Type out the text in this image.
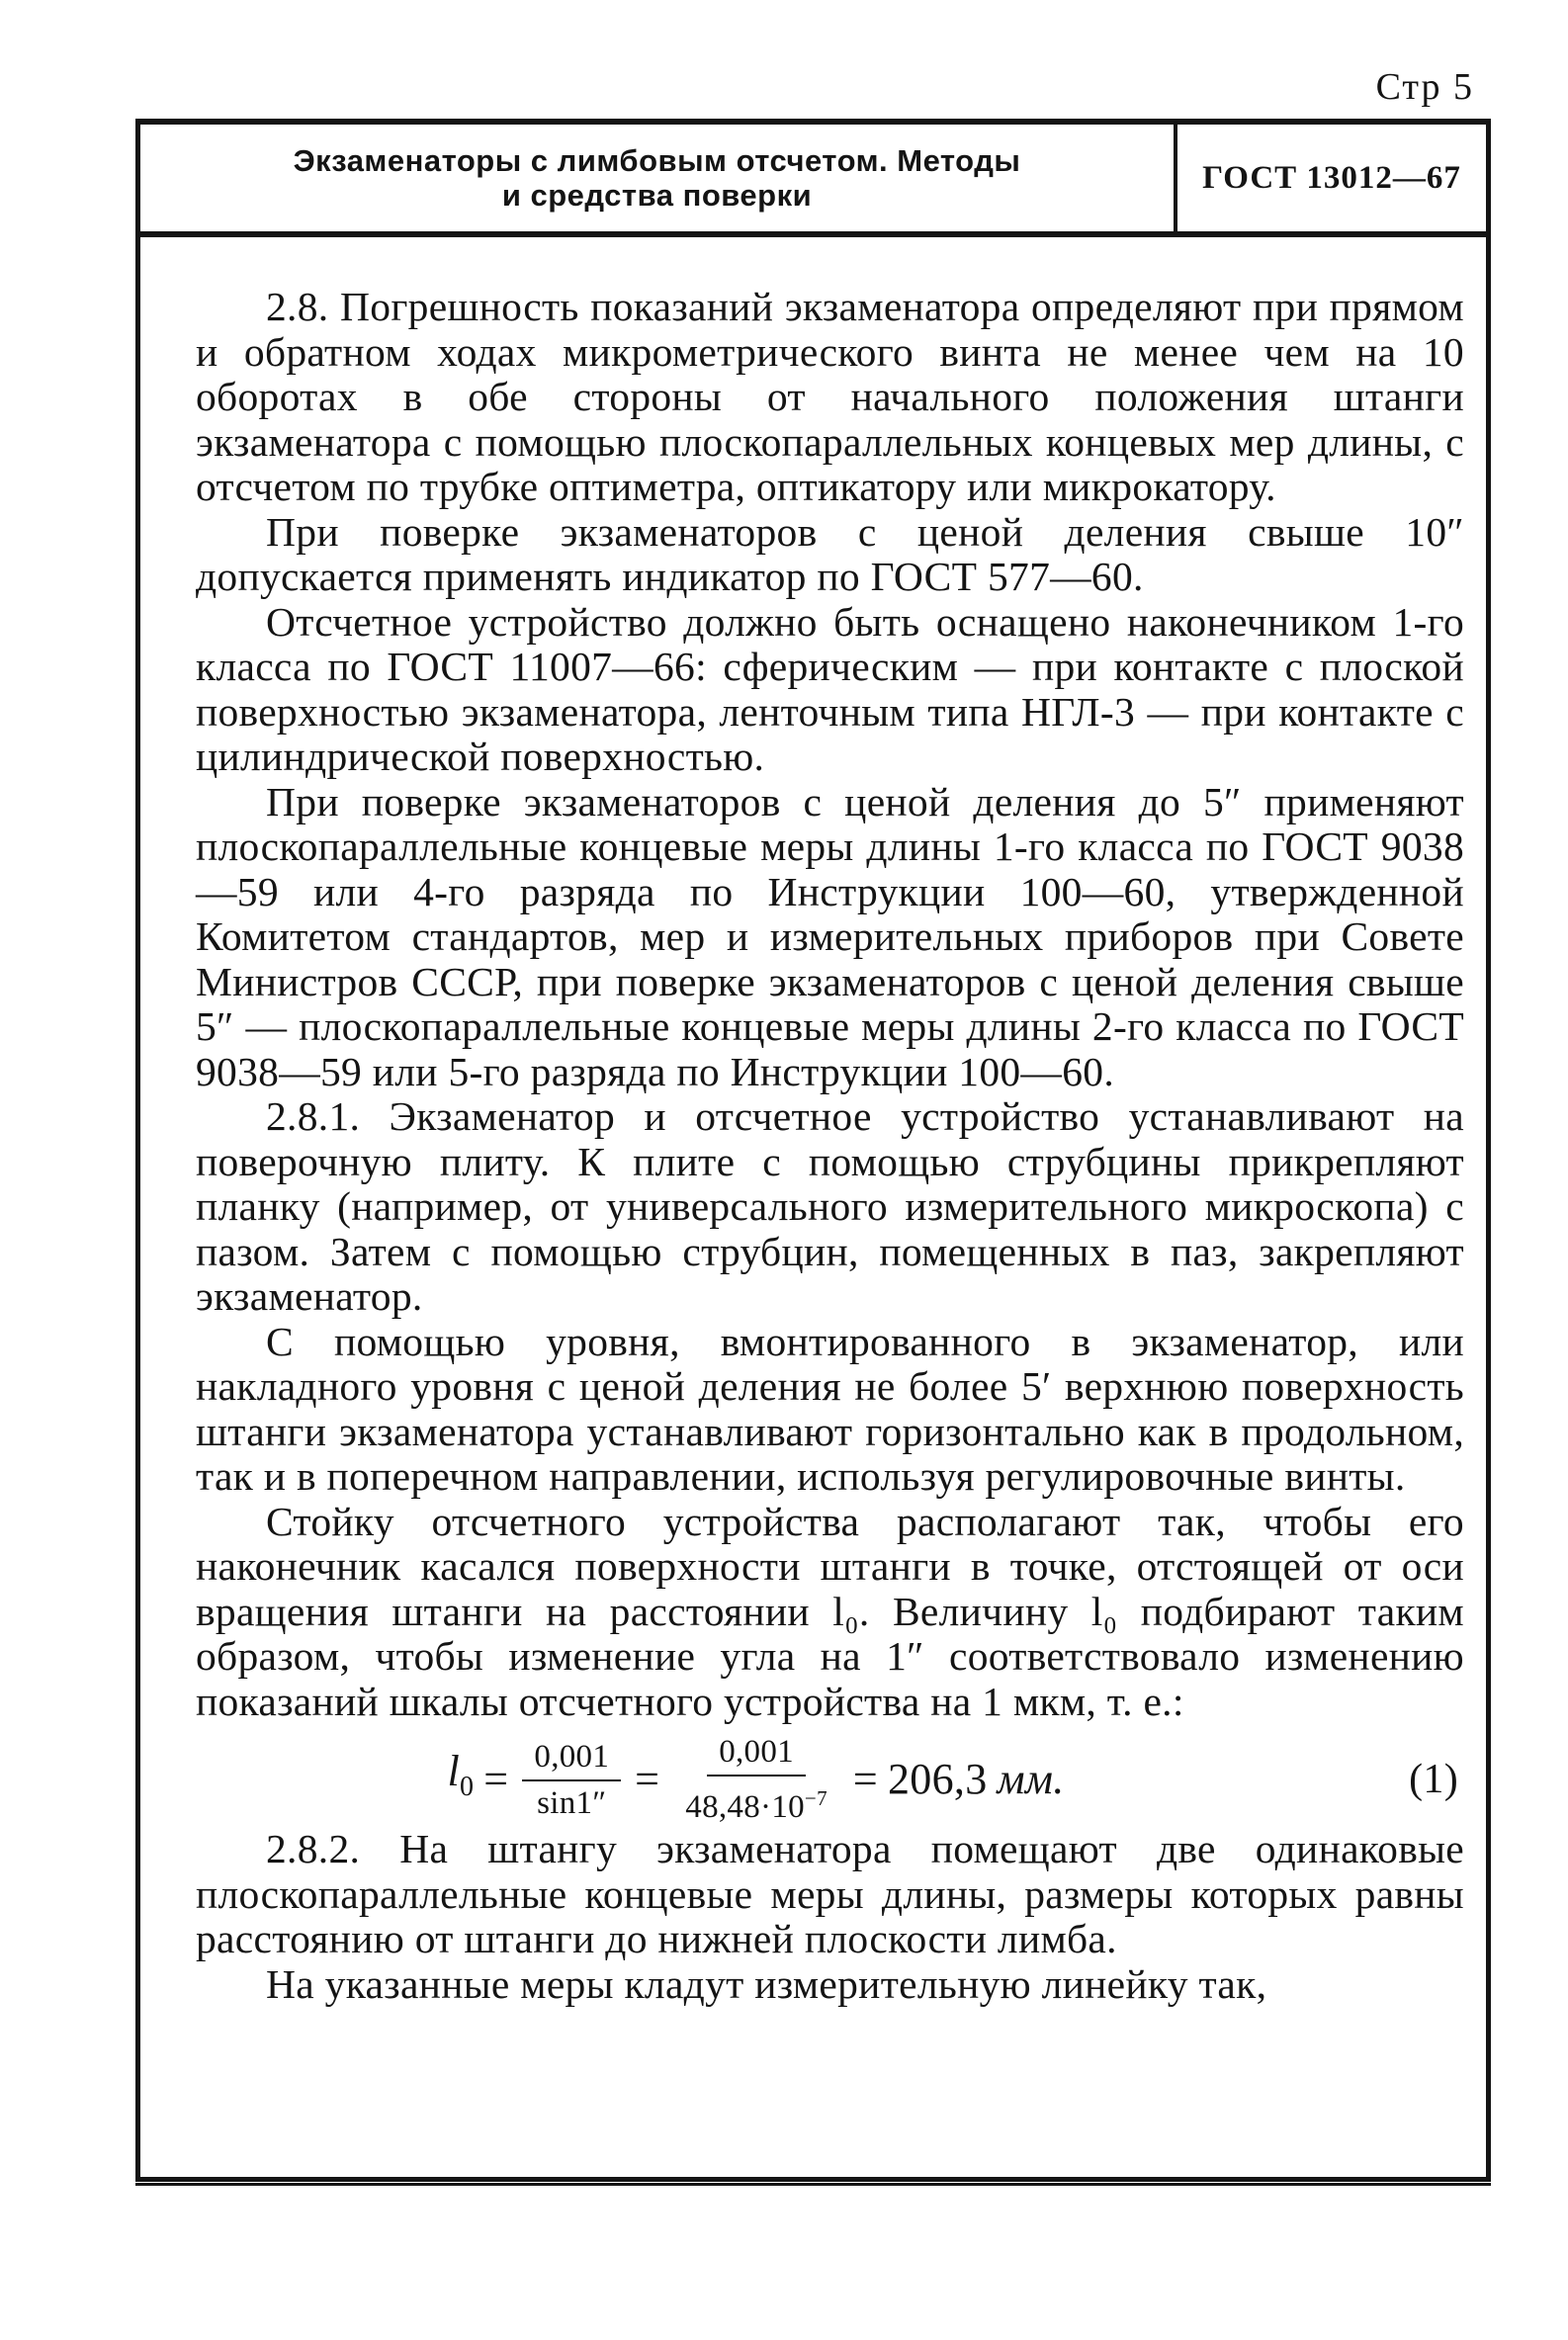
Стр 5
Экзаменаторы с лимбовым отсчетом. Методы
и средства поверки	ГОСТ 13012—67

2.8. Погрешность показаний экзаменатора определяют при прямом и обратном ходах микрометрического винта не менее чем на 10 оборотах в обе стороны от начального положения штанги экзаменатора с помощью плоскопараллельных концевых мер длины, с отсчетом по трубке оптиметра, оптикатору или микрокатору.

При поверке экзаменаторов с ценой деления свыше 10″ допускается применять индикатор по ГОСТ 577—60.

Отсчетное устройство должно быть оснащено наконечником 1-го класса по ГОСТ 11007—66: сферическим — при контакте с плоской поверхностью экзаменатора, ленточным типа НГЛ-3 — при контакте с цилиндрической поверхностью.

При поверке экзаменаторов с ценой деления до 5″ применяют плоскопараллельные концевые меры длины 1-го класса по ГОСТ 9038—59 или 4-го разряда по Инструкции 100—60, утвержденной Комитетом стандартов, мер и измерительных приборов при Совете Министров СССР, при поверке экзаменаторов с ценой деления свыше 5″ — плоскопараллельные концевые меры длины 2-го класса по ГОСТ 9038—59 или 5-го разряда по Инструкции 100—60.

2.8.1. Экзаменатор и отсчетное устройство устанавливают на поверочную плиту. К плите с помощью струбцины прикрепляют планку (например, от универсального измерительного микроскопа) с пазом. Затем с помощью струбцин, помещенных в паз, закрепляют экзаменатор.

С помощью уровня, вмонтированного в экзаменатор, или накладного уровня с ценой деления не более 5′ верхнюю поверхность штанги экзаменатора устанавливают горизонтально как в продольном, так и в поперечном направлении, используя регулировочные винты.

Стойку отсчетного устройства располагают так, чтобы его наконечник касался поверхности штанги в точке, отстоящей от оси вращения штанги на расстоянии l₀. Величину l₀ подбирают таким образом, чтобы изменение угла на 1″ соответствовало изменению показаний шкалы отсчетного устройства на 1 мкм, т. е.:

$l_0 = \frac{0,001}{\sin 1''} = \frac{0,001}{48,48\cdot 10^{-7}} = 206,3$ мм.	(1)

2.8.2. На штангу экзаменатора помещают две одинаковые плоскопараллельные концевые меры длины, размеры которых равны расстоянию от штанги до нижней плоскости лимба.

На указанные меры кладут измерительную линейку так,
